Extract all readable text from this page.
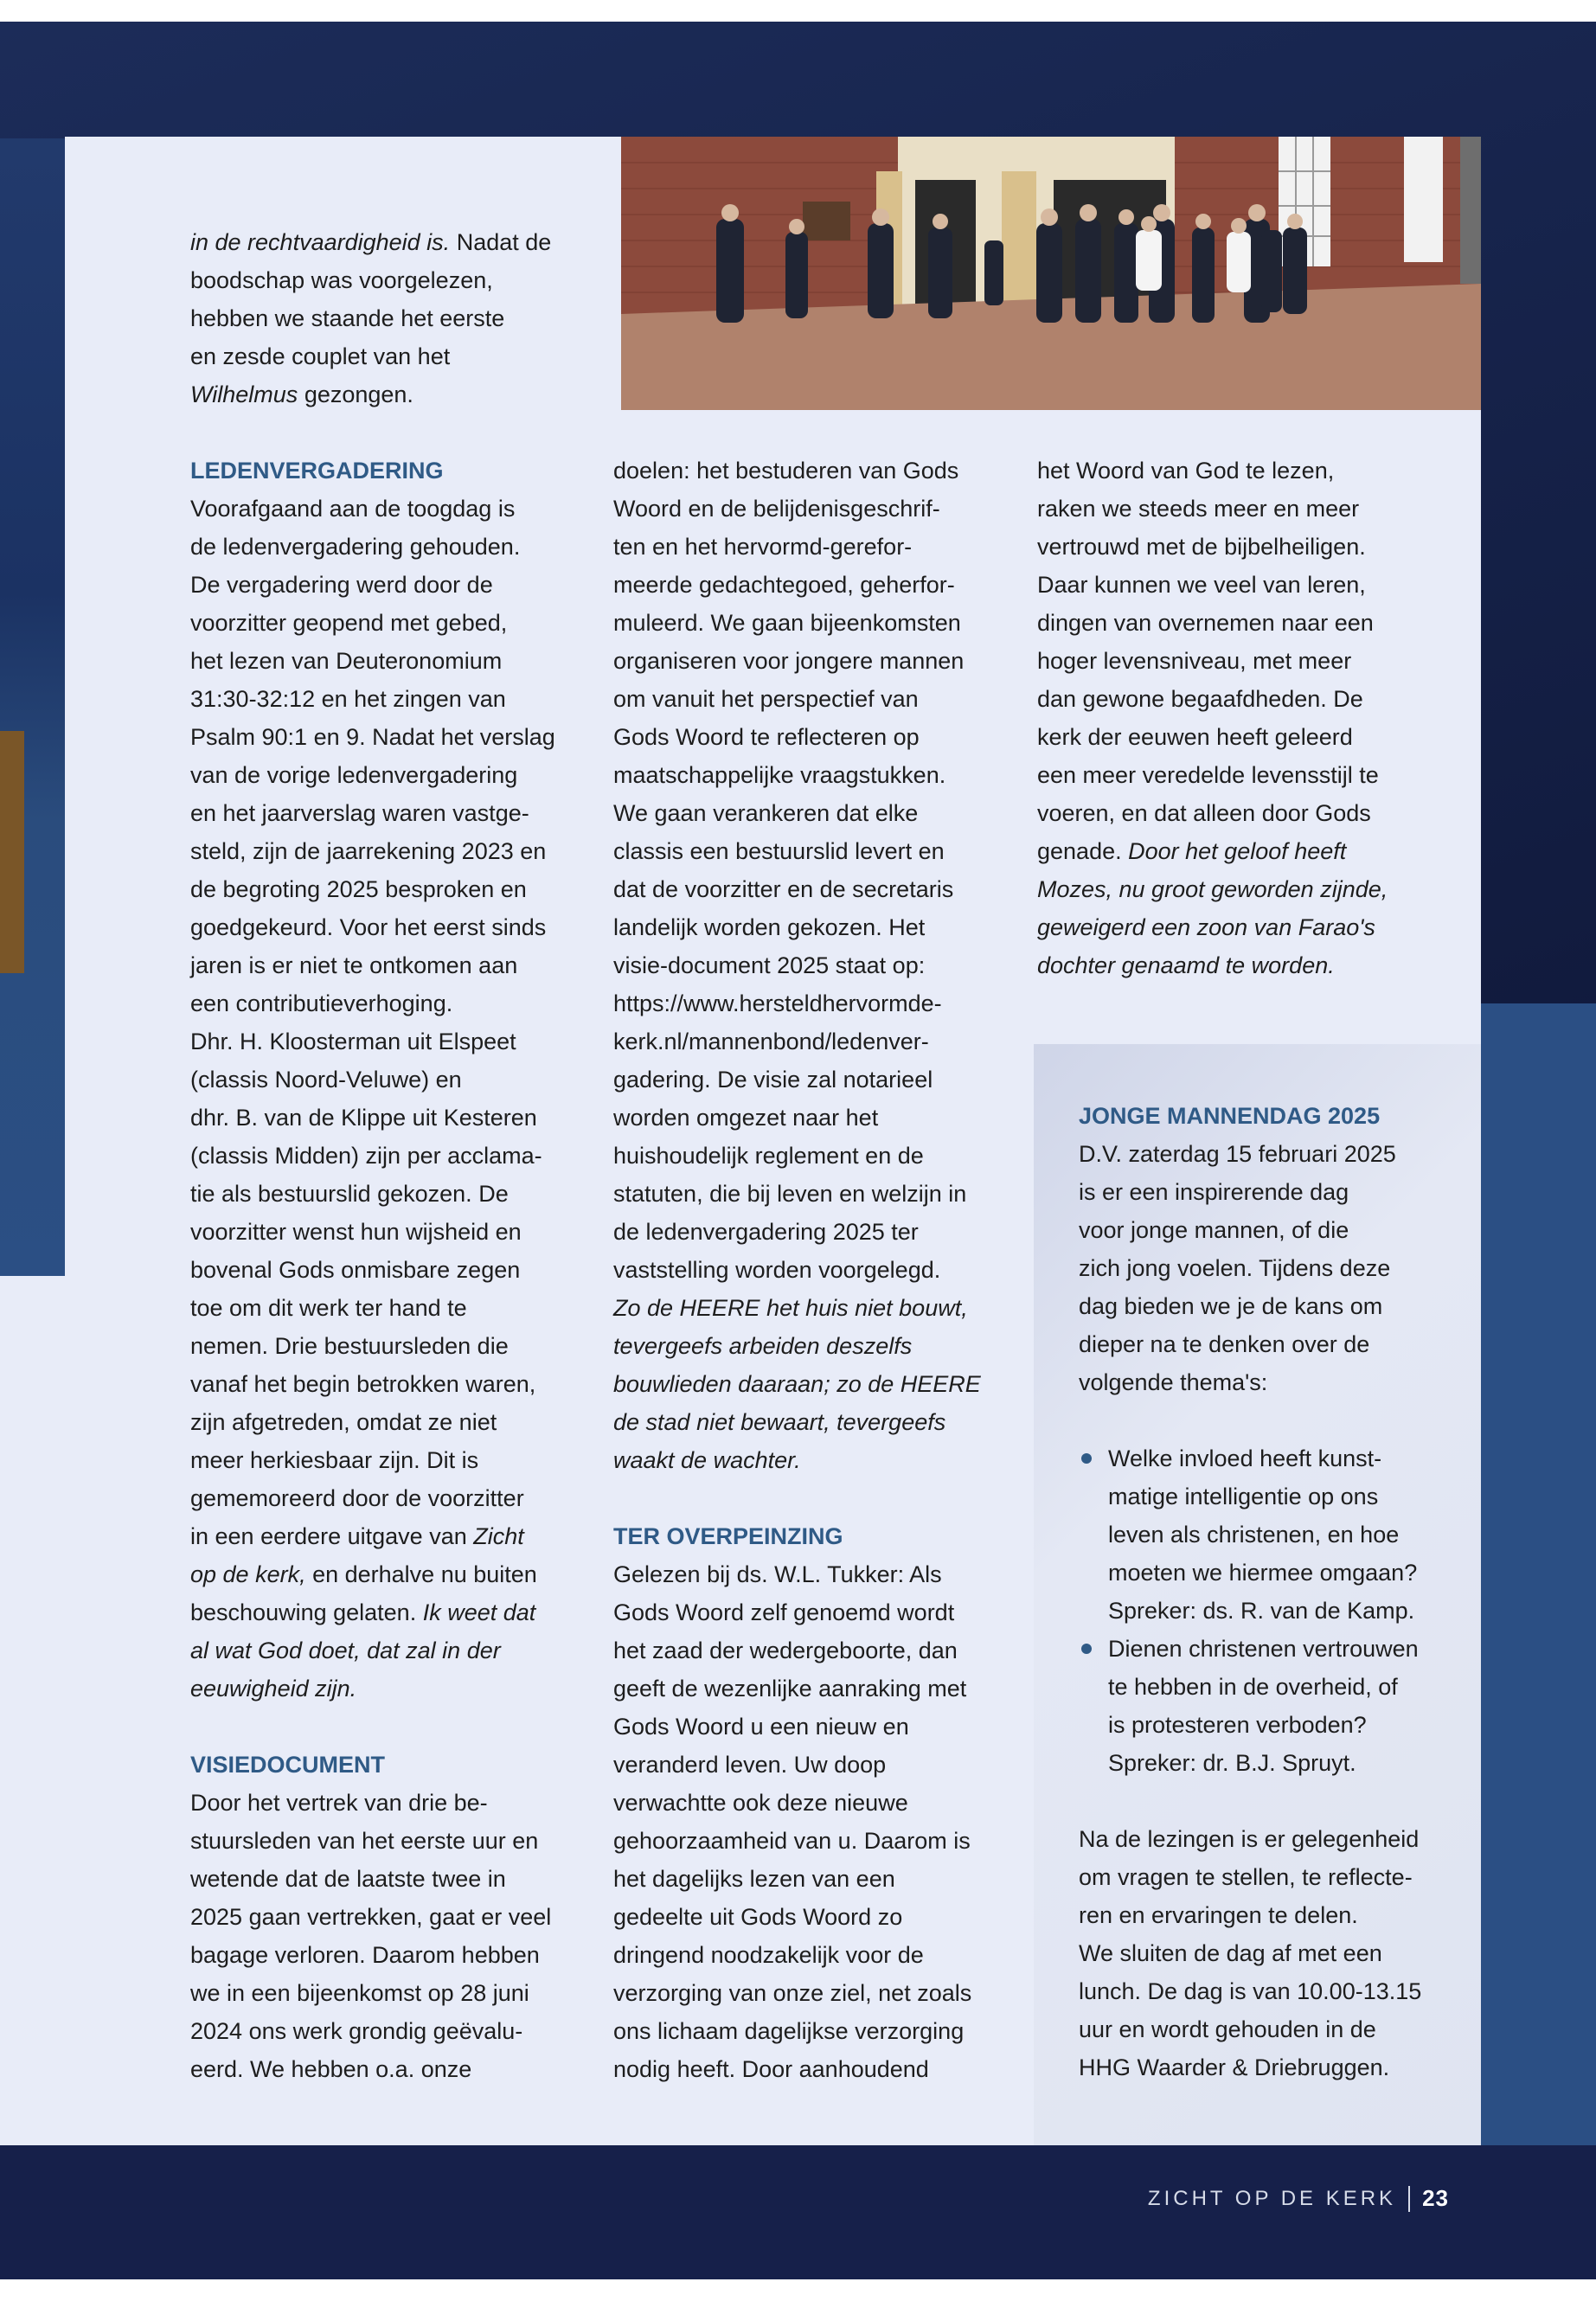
in de rechtvaardigheid is. Nadat de

boodschap was voorgelezen,

hebben we staande het eerste

en zesde couplet van het

Wilhelmus gezongen.

LEDENVERGADERING

Voorafgaand aan de toogdag is

de ledenvergadering gehouden.

De vergadering werd door de

voorzitter geopend met gebed,

het lezen van Deuteronomium

31:30-32:12 en het zingen van

Psalm 90:1 en 9. Nadat het verslag

van de vorige ledenvergadering

en het jaarverslag waren vastge-

steld, zijn de jaarrekening 2023 en

de begroting 2025 besproken en

goedgekeurd. Voor het eerst sinds

jaren is er niet te ontkomen aan

een contributieverhoging.

Dhr. H. Kloosterman uit Elspeet

(classis Noord-Veluwe) en

dhr. B. van de Klippe uit Kesteren

(classis Midden) zijn per acclama-

tie als bestuurslid gekozen. De

voorzitter wenst hun wijsheid en

bovenal Gods onmisbare zegen

toe om dit werk ter hand te

nemen. Drie bestuursleden die

vanaf het begin betrokken waren,

zijn afgetreden, omdat ze niet

meer herkiesbaar zijn. Dit is

gememoreerd door de voorzitter

in een eerdere uitgave van Zicht

op de kerk, en derhalve nu buiten

beschouwing gelaten. Ik weet dat

al wat God doet, dat zal in der

eeuwigheid zijn.

VISIEDOCUMENT

Door het vertrek van drie be-

stuursleden van het eerste uur en

wetende dat de laatste twee in

2025 gaan vertrekken, gaat er veel

bagage verloren. Daarom hebben

we in een bijeenkomst op 28 juni

2024 ons werk grondig geëvalu-

eerd. We hebben o.a. onze

doelen: het bestuderen van Gods

Woord en de belijdenisgeschrif-

ten en het hervormd-gerefor-

meerde gedachtegoed, geherfor-

muleerd. We gaan bijeenkomsten

organiseren voor jongere mannen

om vanuit het perspectief van

Gods Woord te reflecteren op

maatschappelijke vraagstukken.

We gaan verankeren dat elke

classis een bestuurslid levert en

dat de voorzitter en de secretaris

landelijk worden gekozen. Het

visie-document 2025 staat op:

https://www.hersteldhervormde-

kerk.nl/mannenbond/ledenver-

gadering. De visie zal notarieel

worden omgezet naar het

huishoudelijk reglement en de

statuten, die bij leven en welzijn in

de ledenvergadering 2025 ter

vaststelling worden voorgelegd.

Zo de HEERE het huis niet bouwt,

tevergeefs arbeiden deszelfs

bouwlieden daaraan; zo de HEERE

de stad niet bewaart, tevergeefs

waakt de wachter.

TER OVERPEINZING

Gelezen bij ds. W.L. Tukker: Als

Gods Woord zelf genoemd wordt

het zaad der wedergeboorte, dan

geeft de wezenlijke aanraking met

Gods Woord u een nieuw en

veranderd leven. Uw doop

verwachtte ook deze nieuwe

gehoorzaamheid van u. Daarom is

het dagelijks lezen van een

gedeelte uit Gods Woord zo

dringend noodzakelijk voor de

verzorging van onze ziel, net zoals

ons lichaam dagelijkse verzorging

nodig heeft. Door aanhoudend

het Woord van God te lezen,

raken we steeds meer en meer

vertrouwd met de bijbelheiligen.

Daar kunnen we veel van leren,

dingen van overnemen naar een

hoger levensniveau, met meer

dan gewone begaafdheden. De

kerk der eeuwen heeft geleerd

een meer veredelde levensstijl te

voeren, en dat alleen door Gods

genade. Door het geloof heeft

Mozes, nu groot geworden zijnde,

geweigerd een zoon van Farao's

dochter genaamd te worden.

JONGE MANNENDAG 2025

D.V. zaterdag 15 februari 2025

is er een inspirerende dag

voor jonge mannen, of die

zich jong voelen. Tijdens deze

dag bieden we je de kans om

dieper na te denken over de

volgende thema's:

Welke invloed heeft kunst-

matige intelligentie op ons

leven als christenen, en hoe

moeten we hiermee omgaan?

Spreker: ds. R. van de Kamp.

Dienen christenen vertrouwen

te hebben in de overheid, of

is protesteren verboden?

Spreker: dr. B.J. Spruyt.

Na de lezingen is er gelegenheid

om vragen te stellen, te reflecte-

ren en ervaringen te delen.

We sluiten de dag af met een

lunch. De dag is van 10.00-13.15

uur en wordt gehouden in de

HHG Waarder & Driebruggen.

ZICHT OP DE KERK 23
